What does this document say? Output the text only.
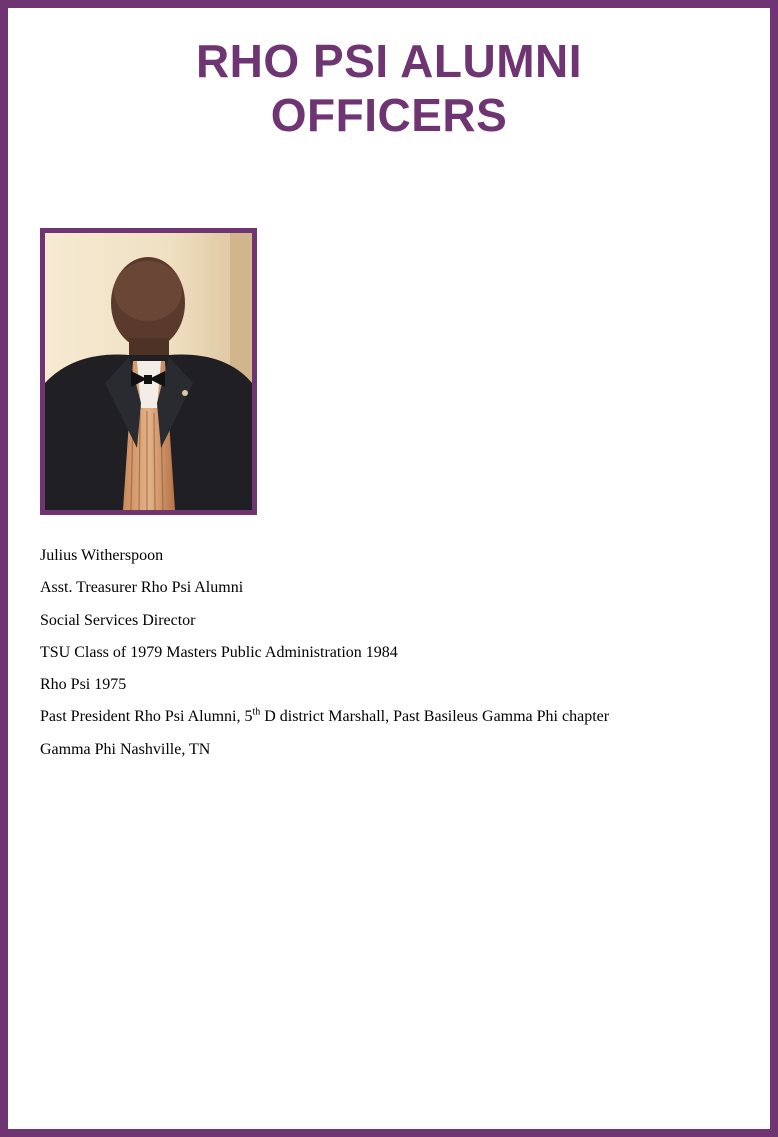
RHO PSI ALUMNI
OFFICERS
Julius Witherspoon
Asst. Treasurer Rho Psi Alumni
Social Services Director
TSU Class of 1979 Masters Public Administration 1984
Rho Psi 1975
Past President Rho Psi Alumni, 5th D district Marshall, Past Basileus Gamma Phi chapter
Gamma Phi Nashville, TN
